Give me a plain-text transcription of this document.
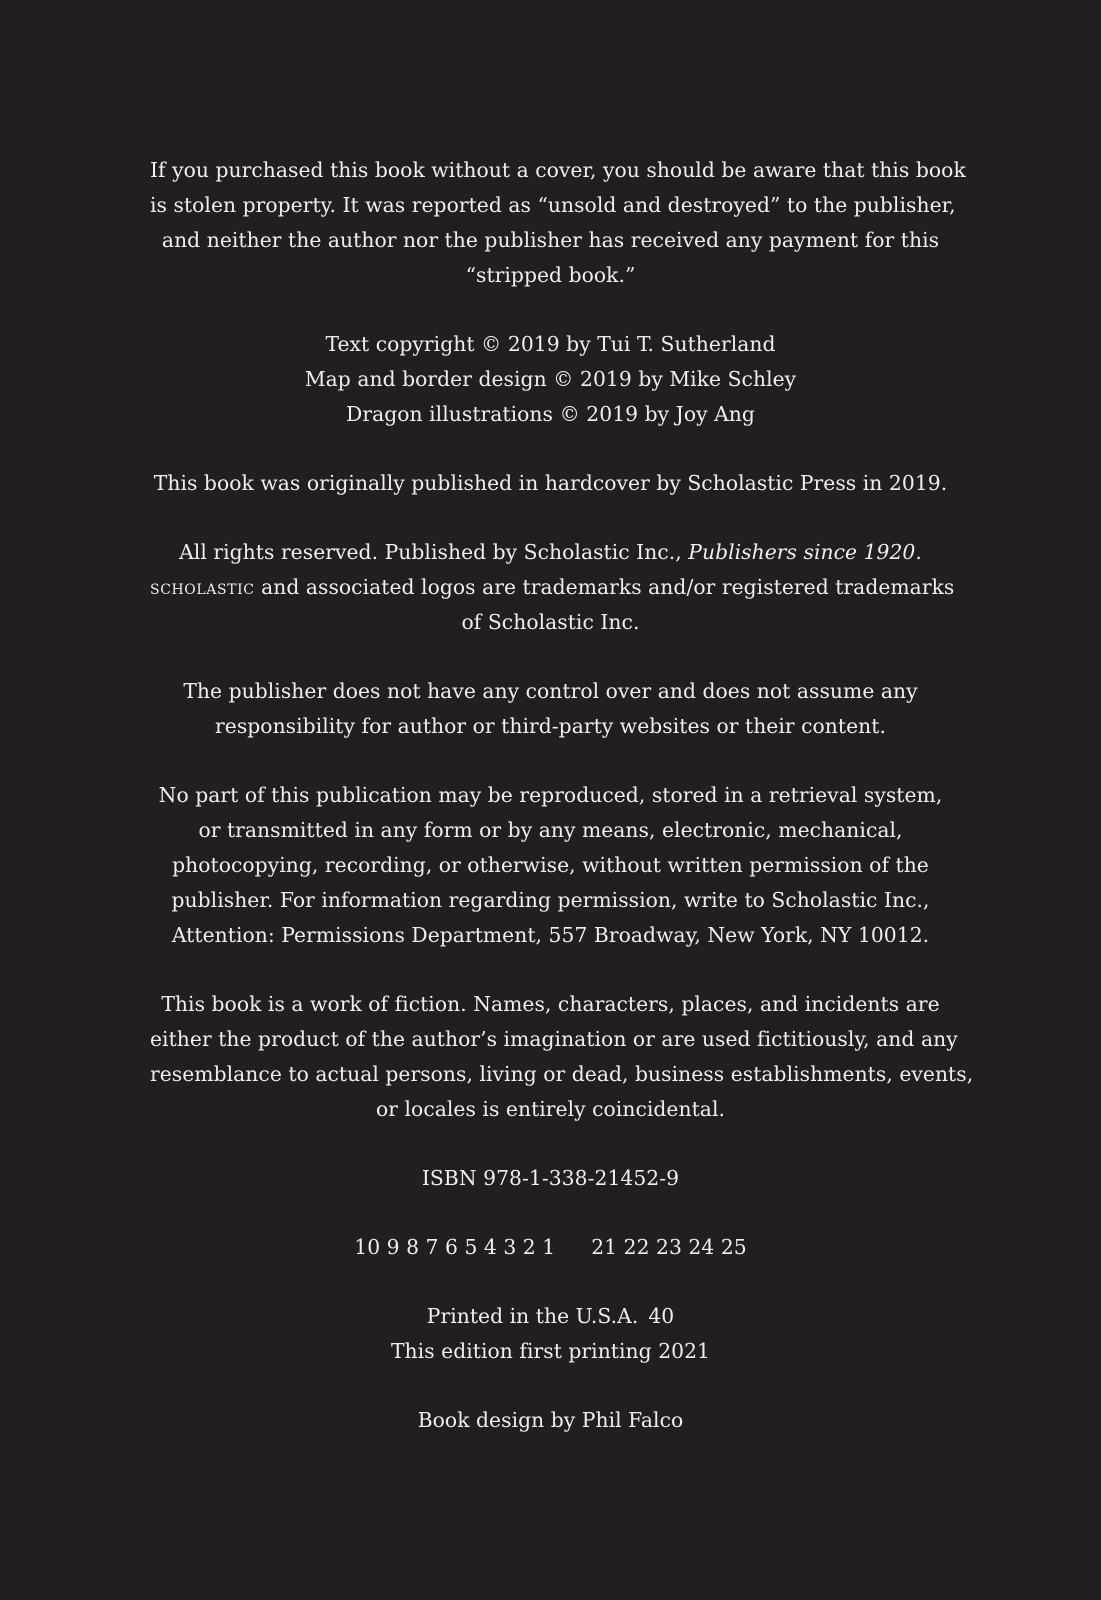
If you purchased this book without a cover, you should be aware that this book
is stolen property. It was reported as “unsold and destroyed” to the publisher,
and neither the author nor the publisher has received any payment for this
“stripped book.”
Text copyright © 2019 by Tui T. Sutherland
Map and border design © 2019 by Mike Schley
Dragon illustrations © 2019 by Joy Ang
This book was originally published in hardcover by Scholastic Press in 2019.
All rights reserved. Published by Scholastic Inc., Publishers since 1920.
scholastic and associated logos are trademarks and/or registered trademarks
of Scholastic Inc.
The publisher does not have any control over and does not assume any
responsibility for author or third-party websites or their content.
No part of this publication may be reproduced, stored in a retrieval system,
or transmitted in any form or by any means, electronic, mechanical,
photocopying, recording, or otherwise, without written permission of the
publisher. For information regarding permission, write to Scholastic Inc.,
Attention: Permissions Department, 557 Broadway, New York, NY 10012.
This book is a work of fiction. Names, characters, places, and incidents are
either the product of the author’s imagination or are used fictitiously, and any
resemblance to actual persons, living or dead, business establishments, events,
or locales is entirely coincidental.
ISBN 978-1-338-21452-9
10 9 8 7 6 5 4 3 2 1 21 22 23 24 25
Printed in the U.S.A. 40
This edition first printing 2021
Book design by Phil Falco
